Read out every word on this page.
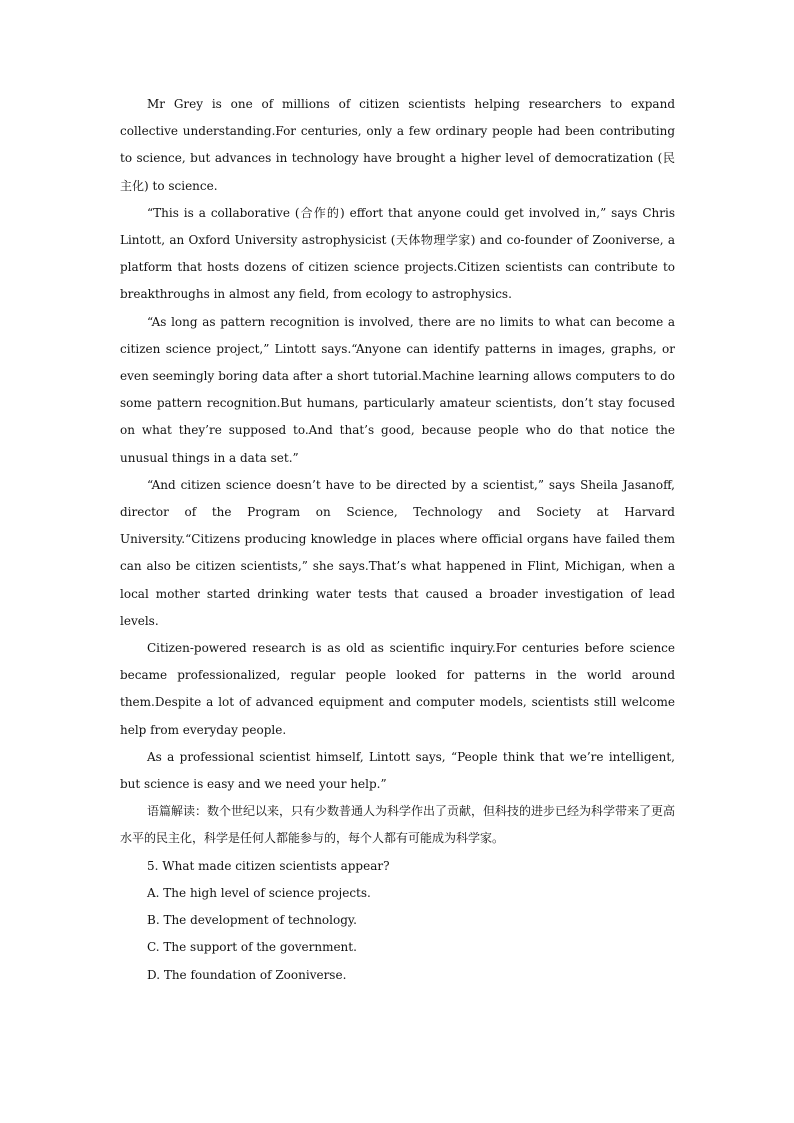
Mr Grey is one of millions of citizen scientists helping researchers to expand collective understanding.For centuries, only a few ordinary people had been contributing to science, but advances in technology have brought a higher level of democratization (民主化) to science.

“This is a collaborative (合作的) effort that anyone could get involved in,” says Chris Lintott, an Oxford University astrophysicist (天体物理学家) and co-founder of Zooniverse, a platform that hosts dozens of citizen science projects.Citizen scientists can contribute to breakthroughs in almost any field, from ecology to astrophysics.

“As long as pattern recognition is involved, there are no limits to what can become a citizen science project,” Lintott says.“Anyone can identify patterns in images, graphs, or even seemingly boring data after a short tutorial.Machine learning allows computers to do some pattern recognition.But humans, particularly amateur scientists, don’t stay focused on what they’re supposed to.And that’s good, because people who do that notice the unusual things in a data set.”

“And citizen science doesn’t have to be directed by a scientist,” says Sheila Jasanoff, director of the Program on Science, Technology and Society at Harvard University.“Citizens producing knowledge in places where official organs have failed them can also be citizen scientists,” she says.That’s what happened in Flint, Michigan, when a local mother started drinking water tests that caused a broader investigation of lead levels.

Citizen-powered research is as old as scientific inquiry.For centuries before science became professionalized, regular people looked for patterns in the world around them.Despite a lot of advanced equipment and computer models, scientists still welcome help from everyday people.

As a professional scientist himself, Lintott says, “People think that we’re intelligent, but science is easy and we need your help.”

语篇解读：数个世纪以来，只有少数普通人为科学作出了贡献，但科技的进步已经为科学带来了更高水平的民主化，科学是任何人都能参与的，每个人都有可能成为科学家。

5. What made citizen scientists appear?

A. The high level of science projects.

B. The development of technology.

C. The support of the government.

D. The foundation of Zooniverse.
